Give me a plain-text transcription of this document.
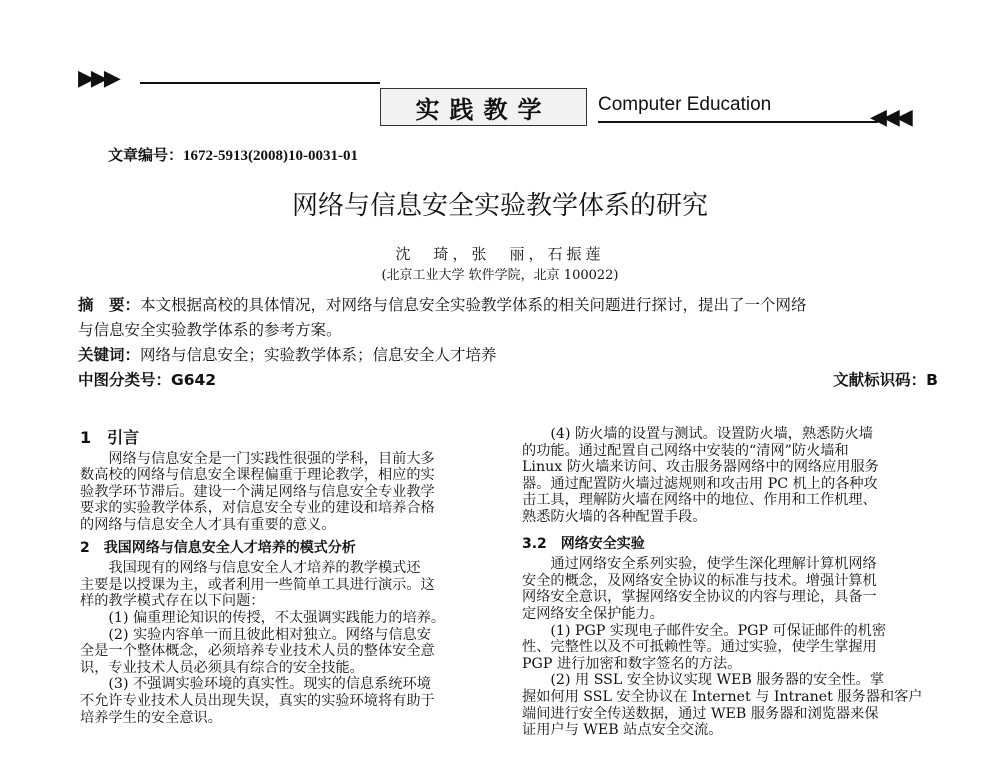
▶▶▶
实践教学 Computer Education
◀◀◀
文章编号：1672-5913(2008)10-0031-01
网络与信息安全实验教学体系的研究
沈　琦，张　丽，石振莲
(北京工业大学 软件学院，北京 100022)
摘　要：本文根据高校的具体情况，对网络与信息安全实验教学体系的相关问题进行探讨，提出了一个网络
与信息安全实验教学体系的参考方案。
关键词：网络与信息安全；实验教学体系；信息安全人才培养
中图分类号：G642	文献标识码：B

1　引言

网络与信息安全是一门实践性很强的学科，目前大多

数高校的网络与信息安全课程偏重于理论教学，相应的实

验教学环节滞后。建设一个满足网络与信息安全专业教学

要求的实验教学体系，对信息安全专业的建设和培养合格

的网络与信息安全人才具有重要的意义。

2　我国网络与信息安全人才培养的模式分析

我国现有的网络与信息安全人才培养的教学模式还

主要是以授课为主，或者利用一些简单工具进行演示。这

样的教学模式存在以下问题：

(1) 偏重理论知识的传授，不太强调实践能力的培养。

(2) 实验内容单一而且彼此相对独立。网络与信息安

全是一个整体概念，必须培养专业技术人员的整体安全意

识，专业技术人员必须具有综合的安全技能。

(3) 不强调实验环境的真实性。现实的信息系统环境

不允许专业技术人员出现失误，真实的实验环境将有助于

培养学生的安全意识。

(4) 防火墙的设置与测试。设置防火墙，熟悉防火墙

的功能。通过配置自己网络中安装的“清网”防火墙和

Linux 防火墙来访问、攻击服务器网络中的网络应用服务

器。通过配置防火墙过滤规则和攻击用 PC 机上的各种攻

击工具，理解防火墙在网络中的地位、作用和工作机理、

熟悉防火墙的各种配置手段。

3.2　网络安全实验

通过网络安全系列实验，使学生深化理解计算机网络

安全的概念，及网络安全协议的标准与技术。增强计算机

网络安全意识，掌握网络安全协议的内容与理论，具备一

定网络安全保护能力。

(1) PGP 实现电子邮件安全。PGP 可保证邮件的机密

性、完整性以及不可抵赖性等。通过实验，使学生掌握用

PGP 进行加密和数字签名的方法。

(2) 用 SSL 安全协议实现 WEB 服务器的安全性。掌

握如何用 SSL 安全协议在 Internet 与 Intranet 服务器和客户

端间进行安全传送数据，通过 WEB 服务器和浏览器来保

证用户与 WEB 站点安全交流。
